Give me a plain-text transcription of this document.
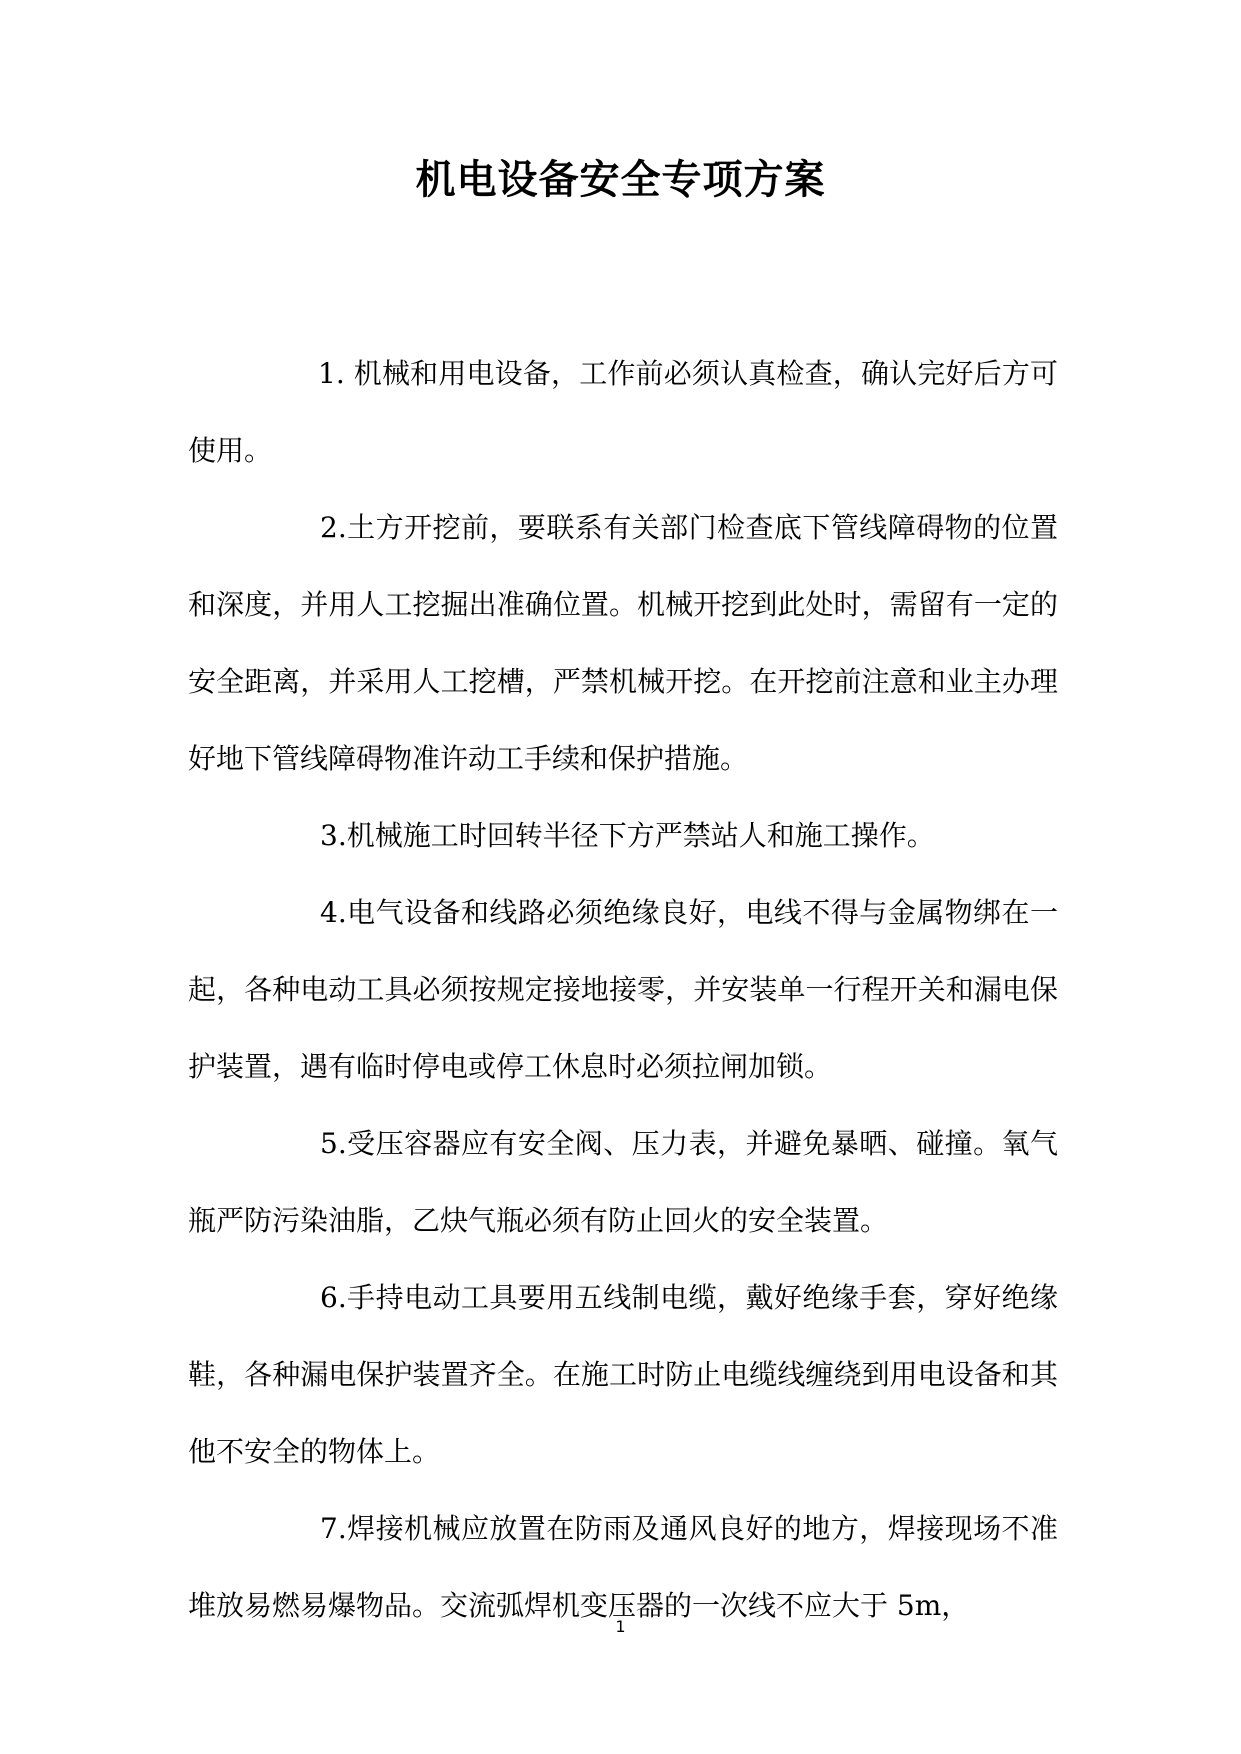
机电设备安全专项方案

1. 机械和用电设备，工作前必须认真检查，确认完好后方可使用。

2.土方开挖前，要联系有关部门检查底下管线障碍物的位置和深度，并用人工挖掘出准确位置。机械开挖到此处时，需留有一定的安全距离，并采用人工挖槽，严禁机械开挖。在开挖前注意和业主办理好地下管线障碍物准许动工手续和保护措施。

3.机械施工时回转半径下方严禁站人和施工操作。

4.电气设备和线路必须绝缘良好，电线不得与金属物绑在一起，各种电动工具必须按规定接地接零，并安装单一行程开关和漏电保护装置，遇有临时停电或停工休息时必须拉闸加锁。

5.受压容器应有安全阀、压力表，并避免暴晒、碰撞。氧气瓶严防污染油脂，乙炔气瓶必须有防止回火的安全装置。

6.手持电动工具要用五线制电缆，戴好绝缘手套，穿好绝缘鞋，各种漏电保护装置齐全。在施工时防止电缆线缠绕到用电设备和其他不安全的物体上。

7.焊接机械应放置在防雨及通风良好的地方，焊接现场不准堆放易燃易爆物品。交流弧焊机变压器的一次线不应大于 5m，

1
